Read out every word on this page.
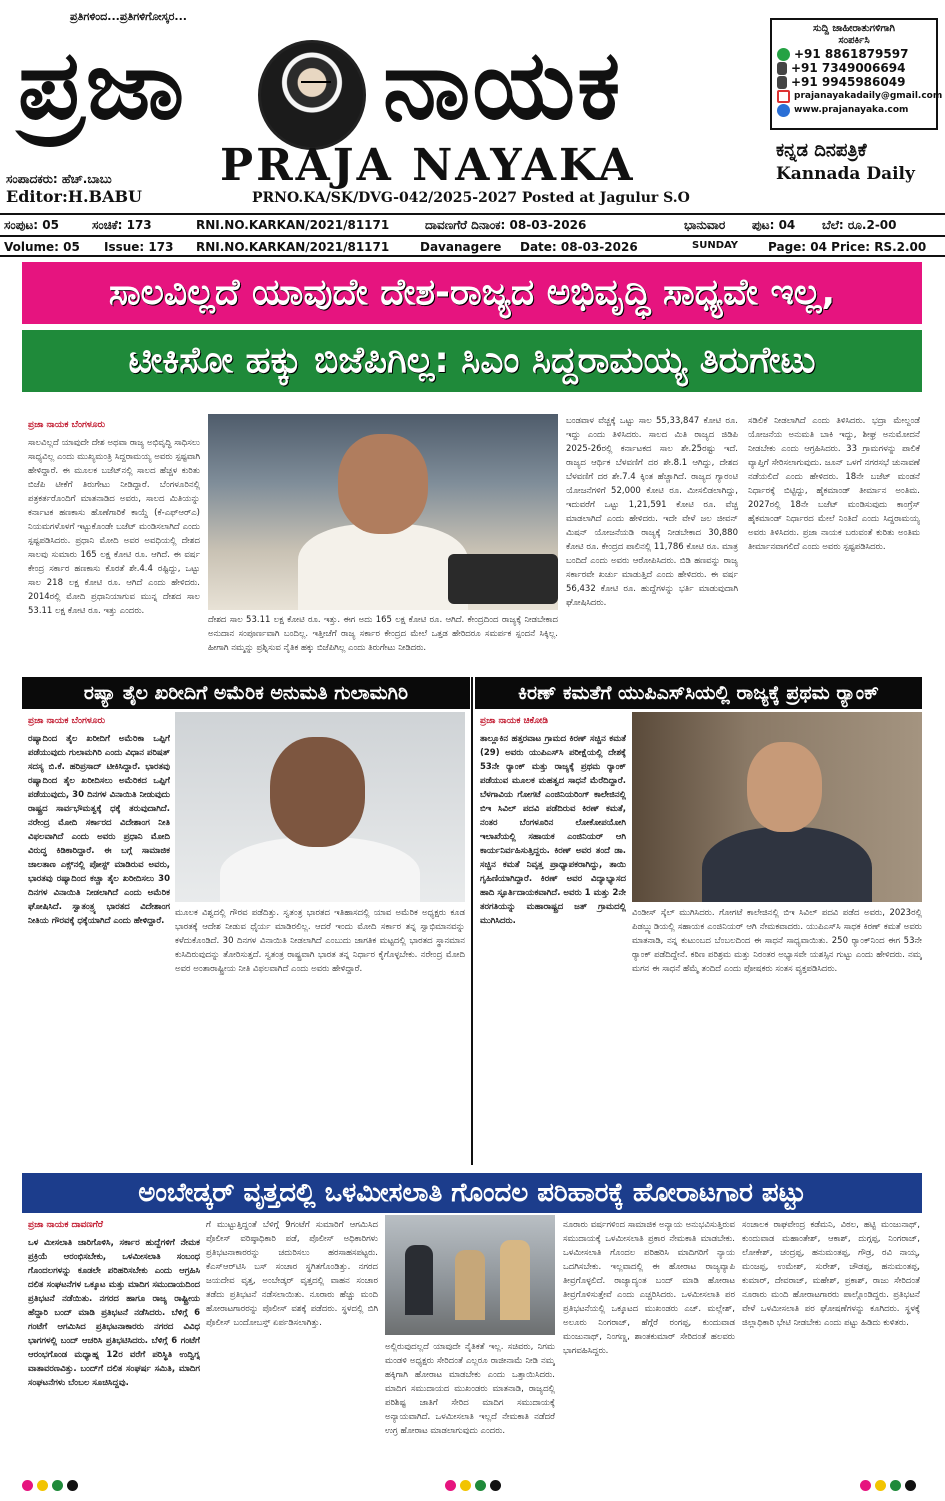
ಪ್ರತಿಗಳಿಂದ...ಪ್ರತಿಗಳಿಗೋಸ್ಕರ...
ಪ್ರಜಾ ನಾಯಕ
PRAJA NAYAKA
ಸಂಪಾದಕರು: ಹೆಚ್.ಬಾಬು
Editor:H.BABU	PRNO.KA/SK/DVG-042/2025-2027 Posted at Jagulur S.O
ಸುದ್ದಿ ಜಾಹೀರಾತುಗಳಿಗಾಗಿ
ಸಂಪರ್ಕಿಸಿ
+91 8861879597
+91 7349006694
+91 9945986049
prajanayakadaily@gmail.com
www.prajanayaka.com
ಕನ್ನಡ ದಿನಪತ್ರಿಕೆ
Kannada Daily
ಸಂಪುಟ: 05	ಸಂಚಿಕೆ: 173	RNI.NO.KARKAN/2021/81171	ದಾವಣಗೆರೆ ದಿನಾಂಕ: 08-03-2026	ಭಾನುವಾರ ಪುಟ: 04 ಬೆಲೆ: ರೂ.2-00
Volume: 05 Issue: 173 RNI.NO.KARKAN/2021/81171	Davanagere Date: 08-03-2026	SUNDAY Page: 04 Price: RS.2.00
ಸಾಲವಿಲ್ಲದೆ ಯಾವುದೇ ದೇಶ-ರಾಜ್ಯದ ಅಭಿವೃದ್ಧಿ ಸಾಧ್ಯವೇ ಇಲ್ಲ,
ಟೀಕಿಸೋ ಹಕ್ಕು ಬಿಜೆಪಿಗಿಲ್ಲ: ಸಿಎಂ ಸಿದ್ದರಾಮಯ್ಯ ತಿರುಗೇಟು
ಪ್ರಜಾ ನಾಯಕ ಬೆಂಗಳೂರು
ಸಾಲವಿಲ್ಲದೆ ಯಾವುದೇ ದೇಶ ಅಥವಾ ರಾಜ್ಯ ಅಭಿವೃದ್ಧಿ ಸಾಧಿಸಲು ಸಾಧ್ಯವಿಲ್ಲ ಎಂದು ಮುಖ್ಯಮಂತ್ರಿ ಸಿದ್ದರಾಮಯ್ಯ ಅವರು ಸ್ಪಷ್ಟವಾಗಿ ಹೇಳಿದ್ದಾರೆ. ಈ ಮೂಲಕ ಬಜೆಟ್‌ನಲ್ಲಿ ಸಾಲದ ಹೆಚ್ಚಳ ಕುರಿತು ಬಿಜೆಪಿ ಟೀಕೆಗೆ ತಿರುಗೇಟು ನೀಡಿದ್ದಾರೆ. ಬೆಂಗಳೂರಿನಲ್ಲಿ ಪತ್ರಕರ್ತರೊಂದಿಗೆ ಮಾತನಾಡಿದ ಅವರು, ಸಾಲದ ಮಿತಿಯನ್ನು ಕರ್ನಾಟಕ ಹಣಕಾಸು ಹೊಣೆಗಾರಿಕೆ ಕಾಯ್ದೆ (ಕೆ-ಎಫ್‌ಆರ್‌ಎ) ನಿಯಮಗಳೊಳಗೆ ಇಟ್ಟುಕೊಂಡೇ ಬಜೆಟ್ ಮಂಡಿಸಲಾಗಿದೆ ಎಂದು ಸ್ಪಷ್ಟಪಡಿಸಿದರು. ಪ್ರಧಾನಿ ಮೋದಿ ಅವರ ಅವಧಿಯಲ್ಲಿ ದೇಶದ ಸಾಲವು ಸುಮಾರು 165 ಲಕ್ಷ ಕೋಟಿ ರೂ. ಆಗಿದೆ. ಈ ವರ್ಷ ಕೇಂದ್ರ ಸರ್ಕಾರ ಹಣಕಾಸು ಕೊರತೆ ಶೇ.4.4 ರಷ್ಟಿದ್ದು, ಒಟ್ಟು ಸಾಲ 218 ಲಕ್ಷ ಕೋಟಿ ರೂ. ಆಗಿದೆ ಎಂದು ಹೇಳಿದರು. 2014ರಲ್ಲಿ ಮೋದಿ ಪ್ರಧಾನಿಯಾಗುವ ಮುನ್ನ ದೇಶದ ಸಾಲ 53.11 ಲಕ್ಷ ಕೋಟಿ ರೂ. ಇತ್ತು ಎಂದರು.
ದೇಶದ ಸಾಲ 53.11 ಲಕ್ಷ ಕೋಟಿ ರೂ. ಇತ್ತು. ಈಗ ಅದು 165 ಲಕ್ಷ ಕೋಟಿ ರೂ. ಆಗಿದೆ. ಕೇಂದ್ರದಿಂದ ರಾಜ್ಯಕ್ಕೆ ನೀಡಬೇಕಾದ ಅನುದಾನ ಸಂಪೂರ್ಣವಾಗಿ ಬಂದಿಲ್ಲ. ಇತ್ತೀಚೆಗೆ ರಾಜ್ಯ ಸರ್ಕಾರ ಕೇಂದ್ರದ ಮೇಲೆ ಒತ್ತಡ ಹೇರಿದರೂ ಸಮರ್ಪಕ ಸ್ಪಂದನೆ ಸಿಕ್ಕಿಲ್ಲ. ಹೀಗಾಗಿ ನಮ್ಮನ್ನು ಪ್ರಶ್ನಿಸುವ ನೈತಿಕ ಹಕ್ಕು ಬಿಜೆಪಿಗಿಲ್ಲ ಎಂದು ತಿರುಗೇಟು ನೀಡಿದರು.
ಬಂಡವಾಳ ವೆಚ್ಚಕ್ಕೆ ಒಟ್ಟು ಸಾಲ 55,33,847 ಕೋಟಿ ರೂ. ಇದ್ದು ಎಂದು ತಿಳಿಸಿದರು. ಸಾಲದ ಮಿತಿ ರಾಜ್ಯದ ಜಿಡಿಪಿ 2025-26ರಲ್ಲಿ ಕರ್ನಾಟಕದ ಸಾಲ ಶೇ.25ರಷ್ಟು ಇದೆ. ರಾಜ್ಯದ ಆರ್ಥಿಕ ಬೆಳವಣಿಗೆ ದರ ಶೇ.8.1 ಆಗಿದ್ದು, ದೇಶದ ಬೆಳವಣಿಗೆ ದರ ಶೇ.7.4 ಕ್ಕಿಂತ ಹೆಚ್ಚಾಗಿದೆ. ರಾಜ್ಯದ ಗ್ಯಾರಂಟಿ ಯೋಜನೆಗಳಿಗೆ 52,000 ಕೋಟಿ ರೂ. ಮೀಸಲಿಡಲಾಗಿದ್ದು, ಇದುವರೆಗೆ ಒಟ್ಟು 1,21,591 ಕೋಟಿ ರೂ. ವೆಚ್ಚ ಮಾಡಲಾಗಿದೆ ಎಂದು ಹೇಳಿದರು. ಇದೇ ವೇಳೆ ಜಲ ಜೀವನ್ ಮಿಷನ್ ಯೋಜನೆಯಡಿ ರಾಜ್ಯಕ್ಕೆ ನೀಡಬೇಕಾದ 30,880 ಕೋಟಿ ರೂ. ಕೇಂದ್ರದ ಪಾಲಿನಲ್ಲಿ 11,786 ಕೋಟಿ ರೂ. ಮಾತ್ರ ಬಂದಿದೆ ಎಂದು ಅವರು ಆರೋಪಿಸಿದರು. ಬಿಡಿ ಹಣವನ್ನು ರಾಜ್ಯ ಸರ್ಕಾರವೇ ಖರ್ಚು ಮಾಡುತ್ತಿದೆ ಎಂದು ಹೇಳಿದರು. ಈ ವರ್ಷ 56,432 ಕೋಟಿ ರೂ. ಹುದ್ದೆಗಳನ್ನು ಭರ್ತಿ ಮಾಡುವುದಾಗಿ ಘೋಷಿಸಿದರು.
ಸಡಿಲಿಕೆ ನೀಡಲಾಗಿದೆ ಎಂದು ತಿಳಿಸಿದರು. ಭದ್ರಾ ಮೇಲ್ದಂಡೆ ಯೋಜನೆಯ ಅನುಮತಿ ಬಾಕಿ ಇದ್ದು, ಶೀಘ್ರ ಅನುಮೋದನೆ ನೀಡಬೇಕು ಎಂದು ಆಗ್ರಹಿಸಿದರು. 33 ಗ್ರಾಮಗಳನ್ನು ಪಾಲಿಕೆ ವ್ಯಾಪ್ತಿಗೆ ಸೇರಿಸಲಾಗುವುದು. ಜೂನ್ ಒಳಗೆ ನಗರಸಭೆ ಚುನಾವಣೆ ನಡೆಯಲಿದೆ ಎಂದು ಹೇಳಿದರು. 18ನೇ ಬಜೆಟ್ ಮಂಡನೆ ನಿರ್ಧಾರಕ್ಕೆ ಬಿಟ್ಟಿದ್ದು, ಹೈಕಮಾಂಡ್ ತೀರ್ಮಾನ ಅಂತಿಮ. 2027ರಲ್ಲಿ 18ನೇ ಬಜೆಟ್ ಮಂಡಿಸುವುದು ಕಾಂಗ್ರೆಸ್ ಹೈಕಮಾಂಡ್ ನಿರ್ಧಾರದ ಮೇಲೆ ನಿಂತಿದೆ ಎಂದು ಸಿದ್ದರಾಮಯ್ಯ ಅವರು ತಿಳಿಸಿದರು. ಪ್ರಜಾ ನಾಯಕ ಬರುವಂತೆ ಕುರಿತು ಅಂತಿಮ ತೀರ್ಮಾನವಾಗಲಿದೆ ಎಂದು ಅವರು ಸ್ಪಷ್ಟಪಡಿಸಿದರು.
ರಷ್ಯಾ ತೈಲ ಖರೀದಿಗೆ ಅಮೆರಿಕ ಅನುಮತಿ ಗುಲಾಮಗಿರಿ
ಪ್ರಜಾ ನಾಯಕ ಬೆಂಗಳೂರು
ರಷ್ಯಾದಿಂದ ತೈಲ ಖರೀದಿಗೆ ಅಮೆರಿಕಾ ಒಪ್ಪಿಗೆ ಪಡೆಯುವುದು ಗುಲಾಮಗಿರಿ ಎಂದು ವಿಧಾನ ಪರಿಷತ್ ಸದಸ್ಯ ಬಿ.ಕೆ. ಹರಿಪ್ರಸಾದ್ ಟೀಕಿಸಿದ್ದಾರೆ. ಭಾರತವು ರಷ್ಯಾದಿಂದ ತೈಲ ಖರೀದಿಸಲು ಅಮೆರಿಕದ ಒಪ್ಪಿಗೆ ಪಡೆಯುವುದು, 30 ದಿನಗಳ ವಿನಾಯಿತಿ ನೀಡುವುದು ರಾಷ್ಟ್ರದ ಸಾರ್ವಭೌಮತ್ವಕ್ಕೆ ಧಕ್ಕೆ ತರುವುದಾಗಿದೆ. ನರೇಂದ್ರ ಮೋದಿ ಸರ್ಕಾರದ ವಿದೇಶಾಂಗ ನೀತಿ ವಿಫಲವಾಗಿದೆ ಎಂದು ಅವರು ಪ್ರಧಾನಿ ಮೋದಿ ವಿರುದ್ಧ ಕಿಡಿಕಾರಿದ್ದಾರೆ. ಈ ಬಗ್ಗೆ ಸಾಮಾಜಿಕ ಜಾಲತಾಣ ಎಕ್ಸ್‌ನಲ್ಲಿ ಪೋಸ್ಟ್ ಮಾಡಿರುವ ಅವರು, ಭಾರತವು ರಷ್ಯಾದಿಂದ ಕಚ್ಚಾ ತೈಲ ಖರೀದಿಸಲು 30 ದಿನಗಳ ವಿನಾಯಿತಿ ನೀಡಲಾಗಿದೆ ಎಂದು ಅಮೆರಿಕ ಘೋಷಿಸಿದೆ. ಸ್ವಾತಂತ್ರ್ಯ ಭಾರತದ ವಿದೇಶಾಂಗ ನೀತಿಯ ಗೌರವಕ್ಕೆ ಧಕ್ಕೆಯಾಗಿದೆ ಎಂದು ಹೇಳಿದ್ದಾರೆ.
ಮೂಲಕ ವಿಶ್ವದಲ್ಲಿ ಗೌರವ ಪಡೆದಿತ್ತು. ಸ್ವತಂತ್ರ ಭಾರತದ ಇತಿಹಾಸದಲ್ಲಿ ಯಾವ ಅಮೆರಿಕ ಅಧ್ಯಕ್ಷರು ಕೂಡ ಭಾರತಕ್ಕೆ ಆದೇಶ ನೀಡುವ ಧೈರ್ಯ ಮಾಡಿರಲಿಲ್ಲ. ಆದರೆ ಇಂದು ಮೋದಿ ಸರ್ಕಾರ ತನ್ನ ಸ್ವಾಭಿಮಾನವನ್ನು ಕಳೆದುಕೊಂಡಿದೆ. 30 ದಿನಗಳ ವಿನಾಯಿತಿ ನೀಡಲಾಗಿದೆ ಎಂಬುದು ಜಾಗತಿಕ ಮಟ್ಟದಲ್ಲಿ ಭಾರತದ ಸ್ಥಾನಮಾನ ಕುಸಿದಿರುವುದನ್ನು ತೋರಿಸುತ್ತದೆ. ಸ್ವತಂತ್ರ ರಾಷ್ಟ್ರವಾಗಿ ಭಾರತ ತನ್ನ ನಿರ್ಧಾರ ಕೈಗೊಳ್ಳಬೇಕು. ನರೇಂದ್ರ ಮೋದಿ ಅವರ ಅಂತಾರಾಷ್ಟ್ರೀಯ ನೀತಿ ವಿಫಲವಾಗಿದೆ ಎಂದು ಅವರು ಹೇಳಿದ್ದಾರೆ.
ಕಿರಣ್ ಕಮತೆಗೆ ಯುಪಿಎಸ್‌ಸಿಯಲ್ಲಿ ರಾಜ್ಯಕ್ಕೆ ಪ್ರಥಮ ರ‍್ಯಾಂಕ್
ಪ್ರಜಾ ನಾಯಕ ಚಿಕೋಡಿ
ತಾಲ್ಲೂಕಿನ ಹತ್ತರವಾಟ ಗ್ರಾಮದ ಕಿರಣ್ ಸಚ್ಚಿನ ಕಮತೆ (29) ಅವರು ಯುಪಿಎಸ್‌ಸಿ ಪರೀಕ್ಷೆಯಲ್ಲಿ ದೇಶಕ್ಕೆ 53ನೇ ರ‍್ಯಾಂಕ್ ಮತ್ತು ರಾಜ್ಯಕ್ಕೆ ಪ್ರಥಮ ರ‍್ಯಾಂಕ್ ಪಡೆಯುವ ಮೂಲಕ ಮಹತ್ವದ ಸಾಧನೆ ಮೆರೆದಿದ್ದಾರೆ. ಬೆಳಗಾವಿಯ ಗೋಗಟೆ ಎಂಜಿನಿಯರಿಂಗ್ ಕಾಲೇಜಿನಲ್ಲಿ ಬಿಇ ಸಿವಿಲ್ ಪದವಿ ಪಡೆದಿರುವ ಕಿರಣ್ ಕಮತೆ, ನಂತರ ಬೆಂಗಳೂರಿನ ಲೋಕೋಪಯೋಗಿ ಇಲಾಖೆಯಲ್ಲಿ ಸಹಾಯಕ ಎಂಜಿನಿಯರ್ ಆಗಿ ಕಾರ್ಯನಿರ್ವಹಿಸುತ್ತಿದ್ದರು. ಕಿರಣ್ ಅವರ ತಂದೆ ಡಾ. ಸಚ್ಚಿನ ಕಮತೆ ನಿವೃತ್ತ ಪ್ರಾಧ್ಯಾಪಕರಾಗಿದ್ದು, ತಾಯಿ ಗೃಹಿಣಿಯಾಗಿದ್ದಾರೆ. ಕಿರಣ್ ಅವರ ವಿದ್ಯಾಭ್ಯಾಸದ ಹಾದಿ ಸ್ಫೂರ್ತಿದಾಯಕವಾಗಿದೆ. ಅವರು 1 ಮತ್ತು 2ನೇ ತರಗತಿಯನ್ನು ಮಹಾರಾಷ್ಟ್ರದ ಜತ್ ಗ್ರಾಮದಲ್ಲಿ ಮುಗಿಸಿದರು.
ವಿಂಡೀಸ್ ಸ್ಕೆಲ್ ಮುಗಿಸಿದರು. ಗೋಗಟೆ ಕಾಲೇಜಿನಲ್ಲಿ ಬಿಇ ಸಿವಿಲ್ ಪದವಿ ಪಡೆದ ಅವರು, 2023ರಲ್ಲಿ ಪಿಡಬ್ಲ್ಯುಡಿಯಲ್ಲಿ ಸಹಾಯಕ ಎಂಜಿನಿಯರ್ ಆಗಿ ನೇಮಕವಾದರು. ಯುಪಿಎಸ್‌ಸಿ ಸಾಧಕ ಕಿರಣ್ ಕಮತೆ ಅವರು ಮಾತನಾಡಿ, ನನ್ನ ಕುಟುಂಬದ ಬೆಂಬಲದಿಂದ ಈ ಸಾಧನೆ ಸಾಧ್ಯವಾಯಿತು. 250 ರ‍್ಯಾಂಕ್‌ನಿಂದ ಈಗ 53ನೇ ರ‍್ಯಾಂಕ್ ಪಡೆದಿದ್ದೇನೆ. ಕಠಿಣ ಪರಿಶ್ರಮ ಮತ್ತು ನಿರಂತರ ಅಭ್ಯಾಸವೇ ಯಶಸ್ಸಿನ ಗುಟ್ಟು ಎಂದು ಹೇಳಿದರು. ನಮ್ಮ ಮಗನ ಈ ಸಾಧನೆ ಹೆಮ್ಮೆ ತಂದಿದೆ ಎಂದು ಪೋಷಕರು ಸಂತಸ ವ್ಯಕ್ತಪಡಿಸಿದರು.
ಅಂಬೇಡ್ಕರ್ ವೃತ್ತದಲ್ಲಿ ಒಳಮೀಸಲಾತಿ ಗೊಂದಲ ಪರಿಹಾರಕ್ಕೆ ಹೋರಾಟಗಾರ ಪಟ್ಟು
ಪ್ರಜಾ ನಾಯಕ ದಾವಣಗೆರೆ
ಒಳ ಮೀಸಲಾತಿ ಜಾರಿಗೊಳಿಸಿ, ಸರ್ಕಾರ ಹುದ್ದೆಗಳಿಗೆ ನೇಮಕ ಪ್ರಕ್ರಿಯೆ ಆರಂಭಿಸಬೇಕು, ಒಳಮೀಸಲಾತಿ ಸಂಬಂಧ ಗೊಂದಲಗಳನ್ನು ಕೂಡಲೇ ಪರಿಹರಿಸಬೇಕು ಎಂದು ಆಗ್ರಹಿಸಿ ದಲಿತ ಸಂಘಟನೆಗಳ ಒಕ್ಕೂಟ ಮತ್ತು ಮಾದಿಗ ಸಮುದಾಯದಿಂದ ಪ್ರತಿಭಟನೆ ನಡೆಯಿತು. ನಗರದ ಹಾಗೂ ರಾಜ್ಯ ರಾಷ್ಟ್ರೀಯ ಹೆದ್ದಾರಿ ಬಂದ್ ಮಾಡಿ ಪ್ರತಿಭಟನೆ ನಡೆಸಿದರು. ಬೆಳಿಗ್ಗೆ 6 ಗಂಟೆಗೆ ಆಗಮಿಸಿದ ಪ್ರತಿಭಟನಾಕಾರರು ನಗರದ ವಿವಿಧ ಭಾಗಗಳಲ್ಲಿ ಬಂದ್ ಆಚರಿಸಿ ಪ್ರತಿಭಟಿಸಿದರು. ಬೆಳಿಗ್ಗೆ 6 ಗಂಟೆಗೆ ಆರಂಭಗೊಂಡ ಮಧ್ಯಾಹ್ನ 12ರ ವರೆಗೆ ಪರಿಸ್ಥಿತಿ ಉದ್ವಿಗ್ನ ವಾತಾವರಣವಿತ್ತು. ಬಂದ್‌ಗೆ ದಲಿತ ಸಂಘರ್ಷ ಸಮಿತಿ, ಮಾದಿಗ ಸಂಘಟನೆಗಳು ಬೆಂಬಲ ಸೂಚಿಸಿದ್ದವು.
ಗೆ ಮುಟ್ಟುತ್ತಿದ್ದಂತೆ ಬೆಳಿಗ್ಗೆ 9ಗಂಟೆಗೆ ಸುಮಾರಿಗೆ ಆಗಮಿಸಿದ ಪೊಲೀಸ್ ವರಿಷ್ಠಾಧಿಕಾರಿ ಪಡೆ, ಪೊಲೀಸ್ ಅಧಿಕಾರಿಗಳು ಪ್ರತಿಭಟನಾಕಾರರನ್ನು ಚದುರಿಸಲು ಹರಸಾಹಸಪಟ್ಟರು. ಕೆಎಸ್‌ಆರ್‌ಟಿಸಿ ಬಸ್ ಸಂಚಾರ ಸ್ಥಗಿತಗೊಂಡಿತ್ತು. ನಗರದ ಜಯದೇವ ವೃತ್ತ, ಅಂಬೇಡ್ಕರ್ ವೃತ್ತದಲ್ಲಿ ವಾಹನ ಸಂಚಾರ ತಡೆದು ಪ್ರತಿಭಟನೆ ನಡೆಸಲಾಯಿತು. ನೂರಾರು ಹೆಚ್ಚು ಮಂದಿ ಹೋರಾಟಗಾರರನ್ನು ಪೊಲೀಸ್ ವಶಕ್ಕೆ ಪಡೆದರು. ಸ್ಥಳದಲ್ಲಿ ಬಿಗಿ ಪೊಲೀಸ್ ಬಂದೋಬಸ್ತ್ ಏರ್ಪಡಿಸಲಾಗಿತ್ತು.
ಅಲ್ಲಿರುವುದಲ್ಲದೆ ಯಾವುದೇ ನೈತಿಕತೆ ಇಲ್ಲ. ಸಚಿವರು, ನಿಗಮ ಮಂಡಳಿ ಅಧ್ಯಕ್ಷರು ಸೇರಿದಂತೆ ಎಲ್ಲರೂ ರಾಜೀನಾಮೆ ನೀಡಿ ನಮ್ಮ ಹಕ್ಕಿಗಾಗಿ ಹೋರಾಟ ಮಾಡಬೇಕು ಎಂದು ಒತ್ತಾಯಿಸಿದರು. ಮಾದಿಗ ಸಮುದಾಯದ ಮುಖಂಡರು ಮಾತನಾಡಿ, ರಾಜ್ಯದಲ್ಲಿ ಪರಿಶಿಷ್ಟ ಜಾತಿಗೆ ಸೇರಿದ ಮಾದಿಗ ಸಮುದಾಯಕ್ಕೆ ಅನ್ಯಾಯವಾಗಿದೆ. ಒಳಮೀಸಲಾತಿ ಇಲ್ಲದೆ ನೇಮಕಾತಿ ನಡೆದರೆ ಉಗ್ರ ಹೋರಾಟ ಮಾಡಲಾಗುವುದು ಎಂದರು.
ನೂರಾರು ವರ್ಷಗಳಿಂದ ಸಾಮಾಜಿಕ ಅನ್ಯಾಯ ಅನುಭವಿಸುತ್ತಿರುವ ಸಮುದಾಯಕ್ಕೆ ಒಳಮೀಸಲಾತಿ ಪ್ರಕಾರ ನೇಮಕಾತಿ ಮಾಡಬೇಕು. ಒಳಮೀಸಲಾತಿ ಗೊಂದಲ ಪರಿಹರಿಸಿ ಮಾದಿಗರಿಗೆ ನ್ಯಾಯ ಒದಗಿಸಬೇಕು. ಇಲ್ಲವಾದಲ್ಲಿ ಈ ಹೋರಾಟ ರಾಜ್ಯವ್ಯಾಪಿ ತೀವ್ರಗೊಳ್ಳಲಿದೆ. ರಾಜ್ಯಾದ್ಯಂತ ಬಂದ್ ಮಾಡಿ ಹೋರಾಟ ತೀವ್ರಗೊಳಿಸುತ್ತೇವೆ ಎಂದು ಎಚ್ಚರಿಸಿದರು. ಒಳಮೀಸಲಾತಿ ಪರ ಪ್ರತಿಭಟನೆಯಲ್ಲಿ ಒಕ್ಕೂಟದ ಮುಖಂಡರು ಎಚ್. ಮಲ್ಲೇಶ್, ಅಲೂರು ನಿಂಗರಾಜ್, ಹೆಗ್ಗೆರೆ ರಂಗಪ್ಪ, ಕುಂದುವಾಡ ಮಂಜುನಾಥ್, ನಿಂಗಣ್ಣ, ಶಾಂತಕುಮಾರ್ ಸೇರಿದಂತೆ ಹಲವರು ಭಾಗವಹಿಸಿದ್ದರು.
ಸಂಚಾಲಕ ರಾಘವೇಂದ್ರ ಕಡೆಮನಿ, ವಿಠಲ, ಹಟ್ಟಿ ಮಂಜುನಾಥ್, ಕುಂದುವಾಡ ಮಹಾಂತೇಶ್, ಆಕಾಶ್, ದುಗ್ಗಪ್ಪ, ನಿಂಗರಾಜ್, ಲೋಕೇಶ್, ಚಂದ್ರಪ್ಪ, ಹನುಮಂತಪ್ಪ, ಗೌಡ್ರ, ರವಿ ನಾಯ್ಕ, ಮಂಜಪ್ಪ, ಉಮೇಶ್, ಸುರೇಶ್, ಚೌಡಪ್ಪ, ಹನುಮಂತಪ್ಪ, ಕುಮಾರ್, ದೇವರಾಜ್, ಮಹೇಶ್, ಪ್ರಕಾಶ್, ರಾಜು ಸೇರಿದಂತೆ ನೂರಾರು ಮಂದಿ ಹೋರಾಟಗಾರರು ಪಾಲ್ಗೊಂಡಿದ್ದರು. ಪ್ರತಿಭಟನೆ ವೇಳೆ ಒಳಮೀಸಲಾತಿ ಪರ ಘೋಷಣೆಗಳನ್ನು ಕೂಗಿದರು. ಸ್ಥಳಕ್ಕೆ ಜಿಲ್ಲಾಧಿಕಾರಿ ಭೇಟಿ ನೀಡಬೇಕು ಎಂದು ಪಟ್ಟು ಹಿಡಿದು ಕುಳಿತರು.
